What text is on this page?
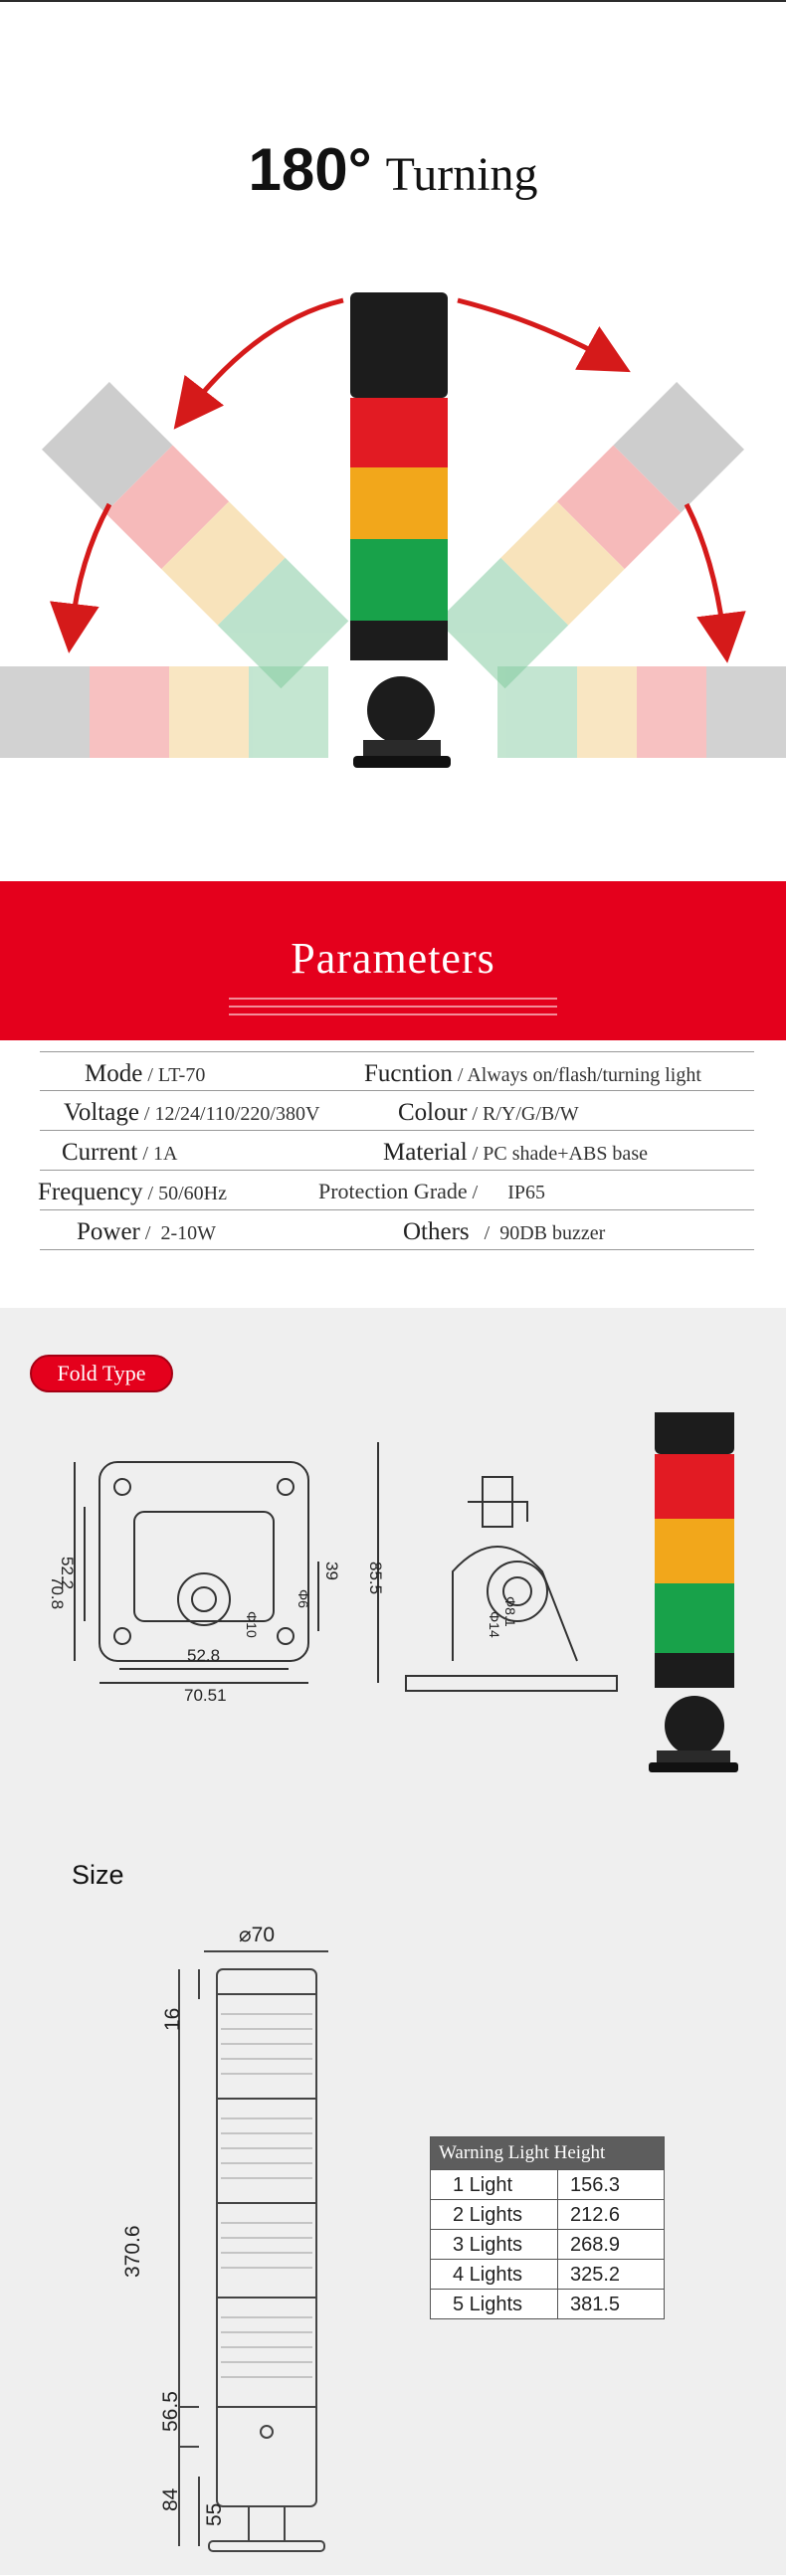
180° Turning
Parameters
Mode / LT-70	Fucntion / Always on/flash/turning light
Voltage / 12/24/110/220/380V	Colour / R/Y/G/B/W
Current / 1A	Material / PC shade+ABS base
Frequency / 50/60Hz	Protection Grade /      IP65
Power /  2-10W	Others   /  90DB buzzer
Fold Type
70.8
52.2	39
Φ6
Φ10
52.8
70.51
85.5
Φ8.1
Φ14
Size
⌀70
16
370.6
56.5
84
55
Warning Light Height
1 Light	156.3
2 Lights	212.6
3 Lights	268.9
4 Lights	325.2
5 Lights	381.5
